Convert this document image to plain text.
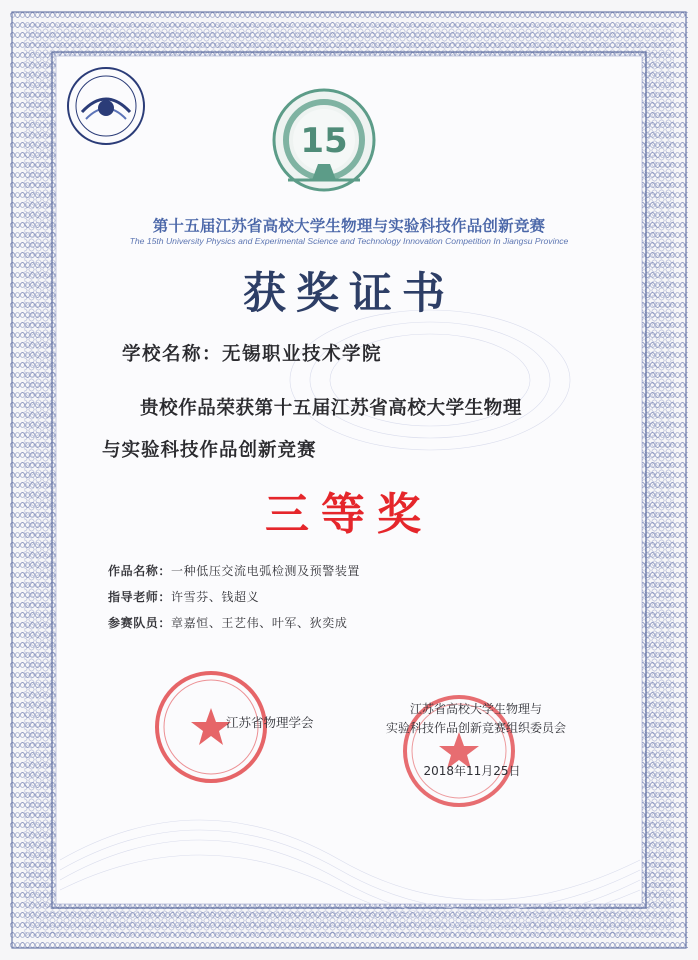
15
第十五届江苏省高校大学生物理与实验科技作品创新竞赛
The 15th University Physics and Experimental Science and Technology Innovation Competition In Jiangsu Province
获奖证书
学校名称：无锡职业技术学院
贵校作品荣获第十五届江苏省高校大学生物理
与实验科技作品创新竞赛
三等奖
作品名称：一种低压交流电弧检测及预警装置
指导老师：许雪芬、钱超义
参赛队员：章嘉恒、王艺伟、叶军、狄奕成
江苏省物理学会
江苏省高校大学生物理与
实验科技作品创新竞赛组织委员会
2018年11月25日
